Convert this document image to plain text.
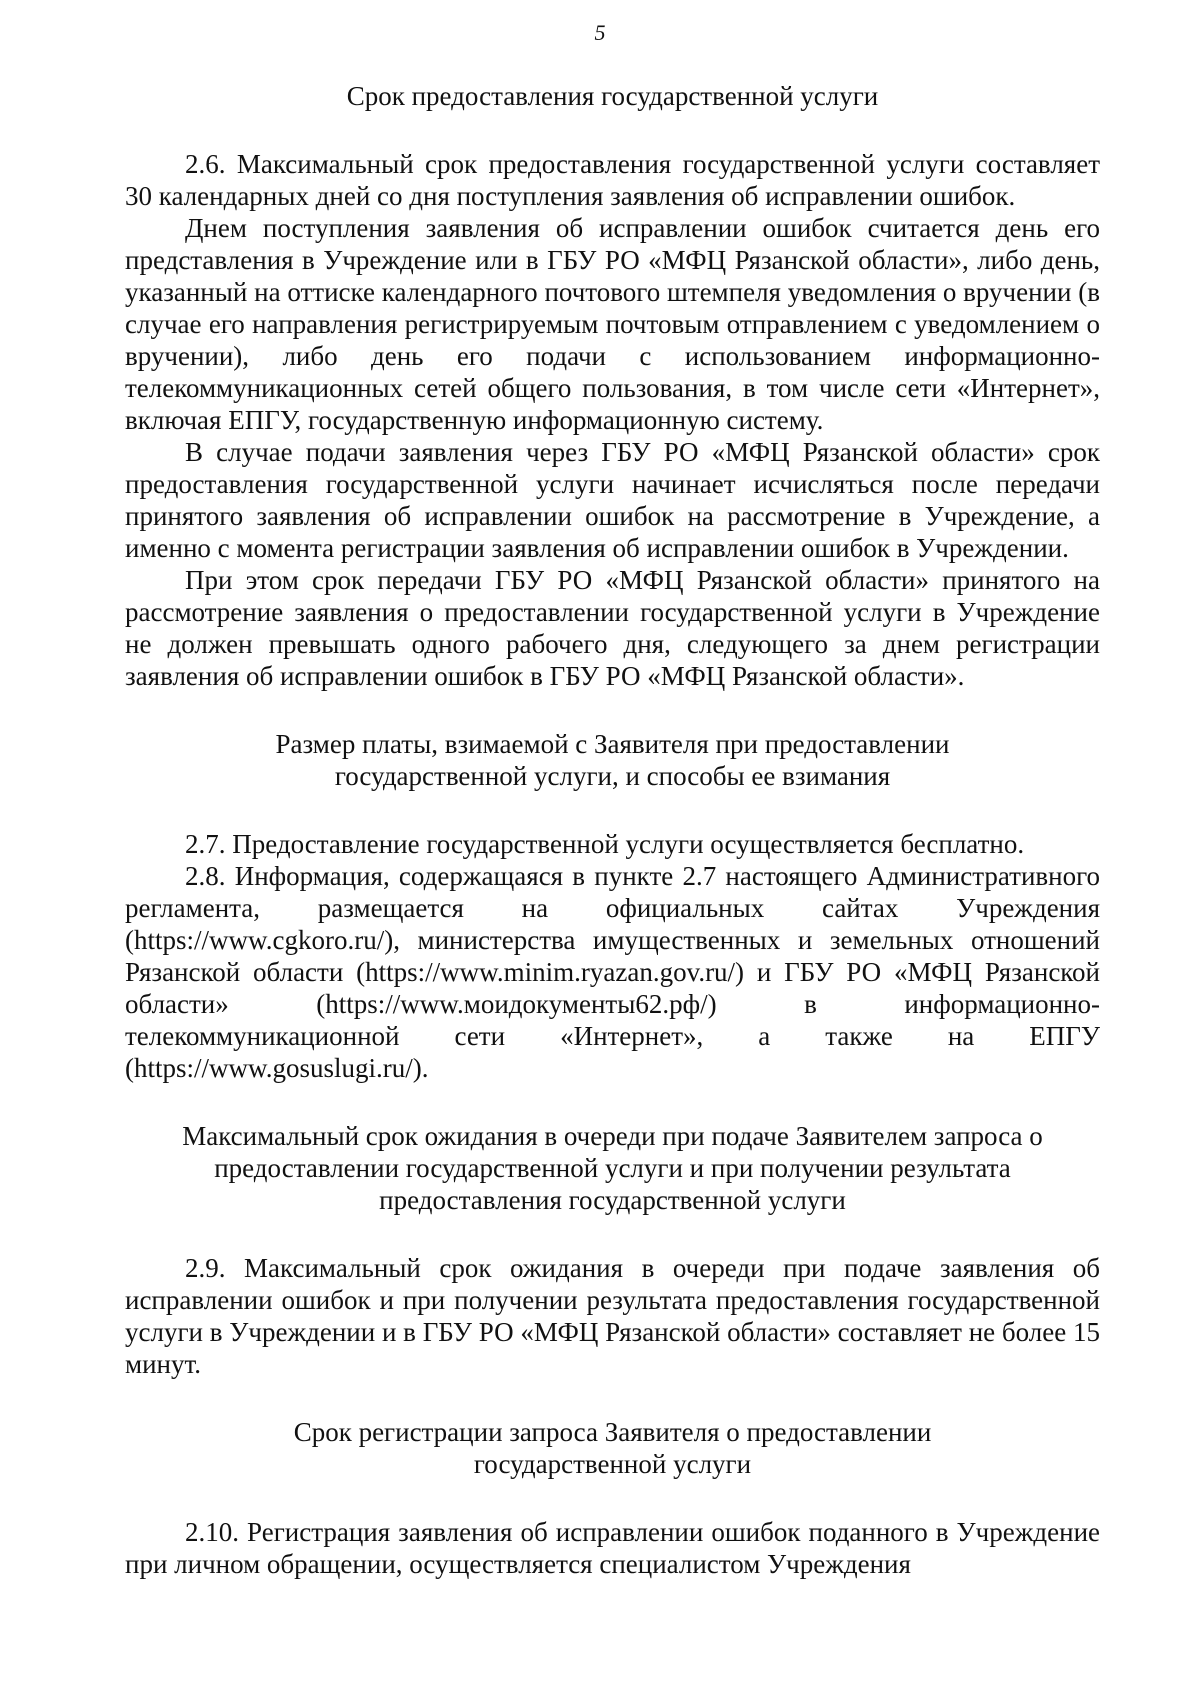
5

Срок предоставления государственной услуги

2.6. Максимальный срок предоставления государственной услуги составляет 30 календарных дней со дня поступления заявления об исправлении ошибок.

Днем поступления заявления об исправлении ошибок считается день его представления в Учреждение или в ГБУ РО «МФЦ Рязанской области», либо день, указанный на оттиске календарного почтового штемпеля уведомления о вручении (в случае его направления регистрируемым почтовым отправлением с уведомлением о вручении), либо день его подачи с использованием информационно-телекоммуникационных сетей общего пользования, в том числе сети «Интернет», включая ЕПГУ, государственную информационную систему.

В случае подачи заявления через ГБУ РО «МФЦ Рязанской области» срок предоставления государственной услуги начинает исчисляться после передачи принятого заявления об исправлении ошибок на рассмотрение в Учреждение, а именно с момента регистрации заявления об исправлении ошибок в Учреждении.

При этом срок передачи ГБУ РО «МФЦ Рязанской области» принятого на рассмотрение заявления о предоставлении государственной услуги в Учреждение не должен превышать одного рабочего дня, следующего за днем регистрации заявления об исправлении ошибок в ГБУ РО «МФЦ Рязанской области».

Размер платы, взимаемой с Заявителя при предоставлении
государственной услуги, и способы ее взимания

2.7. Предоставление государственной услуги осуществляется бесплатно.

2.8. Информация, содержащаяся в пункте 2.7 настоящего Административного регламента, размещается на официальных сайтах Учреждения (https://www.cgkoro.ru/), министерства имущественных и земельных отношений Рязанской области (https://www.minim.ryazan.gov.ru/) и ГБУ РО «МФЦ Рязанской области» (https://www.моидокументы62.рф/) в информационно-телекоммуникационной сети «Интернет», а также на ЕПГУ (https://www.gosuslugi.ru/).

Максимальный срок ожидания в очереди при подаче Заявителем запроса о
предоставлении государственной услуги и при получении результата
предоставления государственной услуги

2.9. Максимальный срок ожидания в очереди при подаче заявления об исправлении ошибок и при получении результата предоставления государственной услуги в Учреждении и в ГБУ РО «МФЦ Рязанской области» составляет не более 15 минут.

Срок регистрации запроса Заявителя о предоставлении
государственной услуги

2.10. Регистрация заявления об исправлении ошибок поданного в Учреждение при личном обращении, осуществляется специалистом Учреждения
